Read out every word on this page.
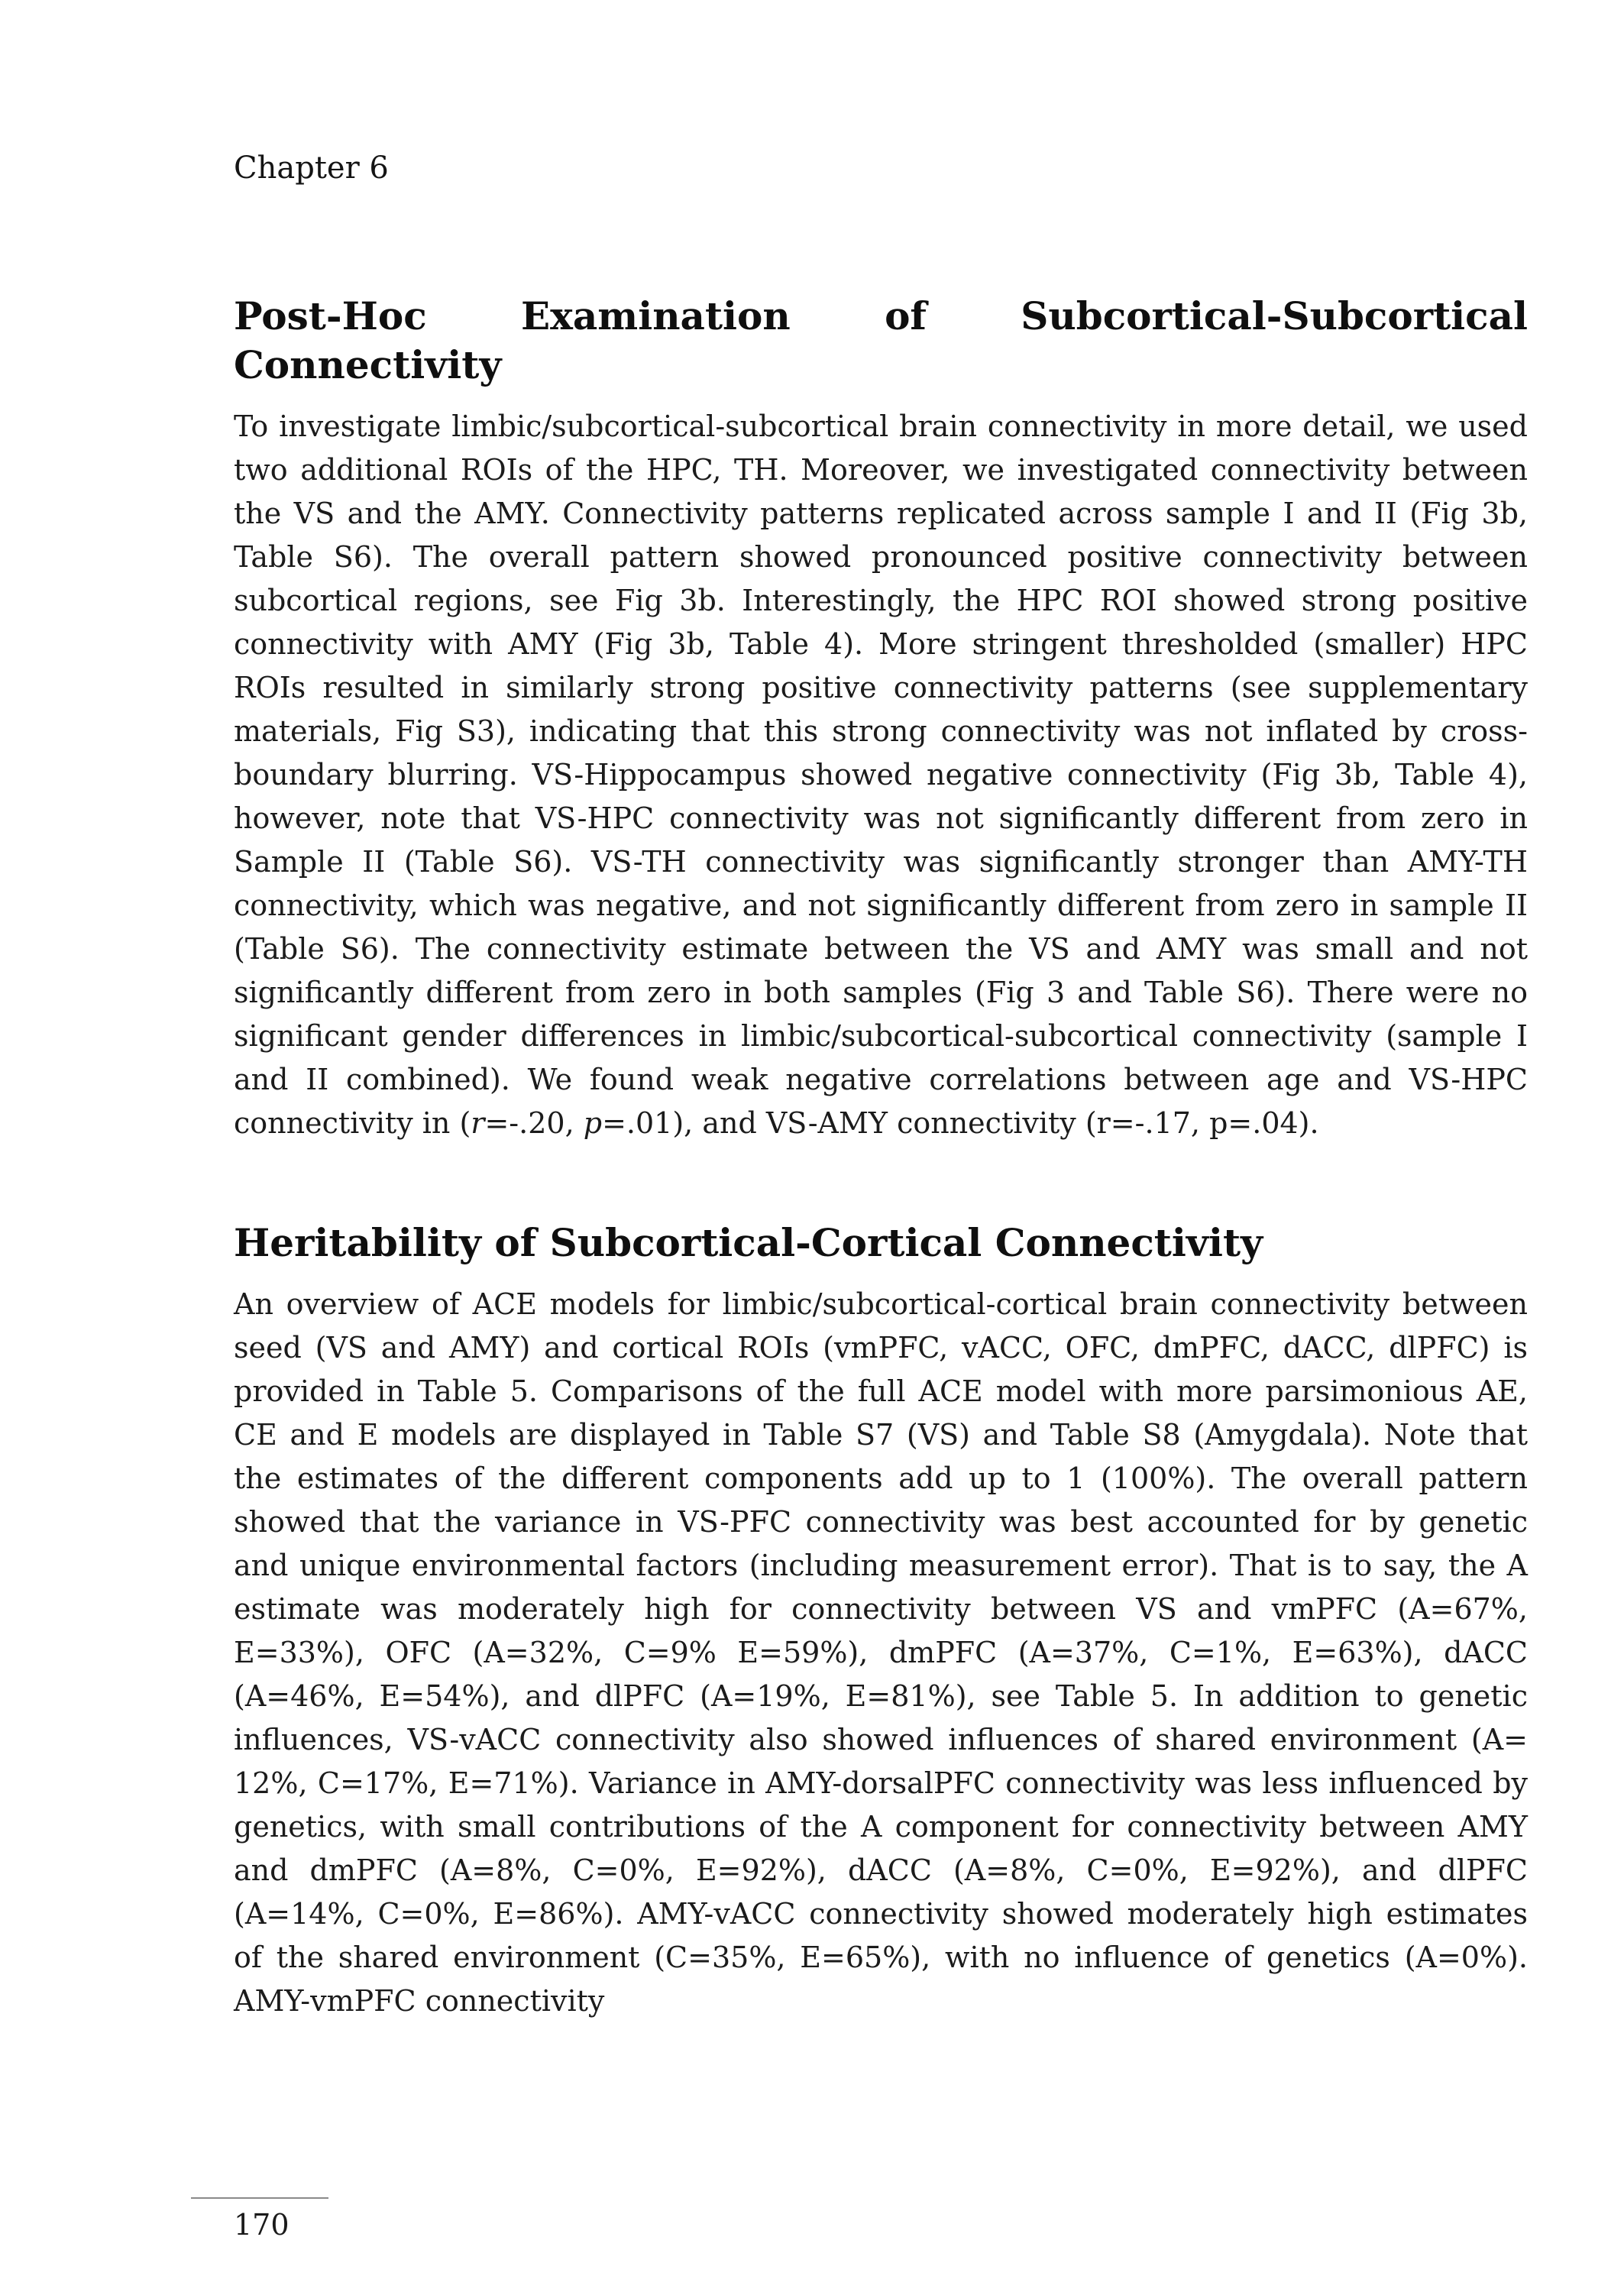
Chapter 6
Post-Hoc Examination of Subcortical-Subcortical
Connectivity

To investigate limbic/subcortical-subcortical brain connectivity in more detail, we used two additional ROIs of the HPC, TH. Moreover, we investigated connectivity between the VS and the AMY. Connectivity patterns replicated across sample I and II (Fig 3b, Table S6). The overall pattern showed pronounced positive connectivity between subcortical regions, see Fig 3b. Interestingly, the HPC ROI showed strong positive connectivity with AMY (Fig 3b, Table 4). More stringent thresholded (smaller) HPC ROIs resulted in similarly strong positive connectivity patterns (see supplementary materials, Fig S3), indicating that this strong connectivity was not inflated by cross-boundary blurring. VS-Hippocampus showed negative connectivity (Fig 3b, Table 4), however, note that VS-HPC connectivity was not significantly different from zero in Sample II (Table S6). VS-TH connectivity was significantly stronger than AMY-TH connectivity, which was negative, and not significantly different from zero in sample II (Table S6). The connectivity estimate between the VS and AMY was small and not significantly different from zero in both samples (Fig 3 and Table S6). There were no significant gender differences in limbic/subcortical-subcortical connectivity (sample I and II combined). We found weak negative correlations between age and VS-HPC connectivity in (r=-.20, p=.01), and VS-AMY connectivity (r=-.17, p=.04).

Heritability of Subcortical-Cortical Connectivity

An overview of ACE models for limbic/subcortical-cortical brain connectivity between seed (VS and AMY) and cortical ROIs (vmPFC, vACC, OFC, dmPFC, dACC, dlPFC) is provided in Table 5. Comparisons of the full ACE model with more parsimonious AE, CE and E models are displayed in Table S7 (VS) and Table S8 (Amygdala). Note that the estimates of the different components add up to 1 (100%). The overall pattern showed that the variance in VS-PFC connectivity was best accounted for by genetic and unique environmental factors (including measurement error). That is to say, the A estimate was moderately high for connectivity between VS and vmPFC (A=67%, E=33%), OFC (A=32%, C=9% E=59%), dmPFC (A=37%, C=1%, E=63%), dACC (A=46%, E=54%), and dlPFC (A=19%, E=81%), see Table 5. In addition to genetic influences, VS-vACC connectivity also showed influences of shared environment (A= 12%, C=17%, E=71%). Variance in AMY-dorsalPFC connectivity was less influenced by genetics, with small contributions of the A component for connectivity between AMY and dmPFC (A=8%, C=0%, E=92%), dACC (A=8%, C=0%, E=92%), and dlPFC (A=14%, C=0%, E=86%). AMY-vACC connectivity showed moderately high estimates of the shared environment (C=35%, E=65%), with no influence of genetics (A=0%). AMY-vmPFC connectivity

170
